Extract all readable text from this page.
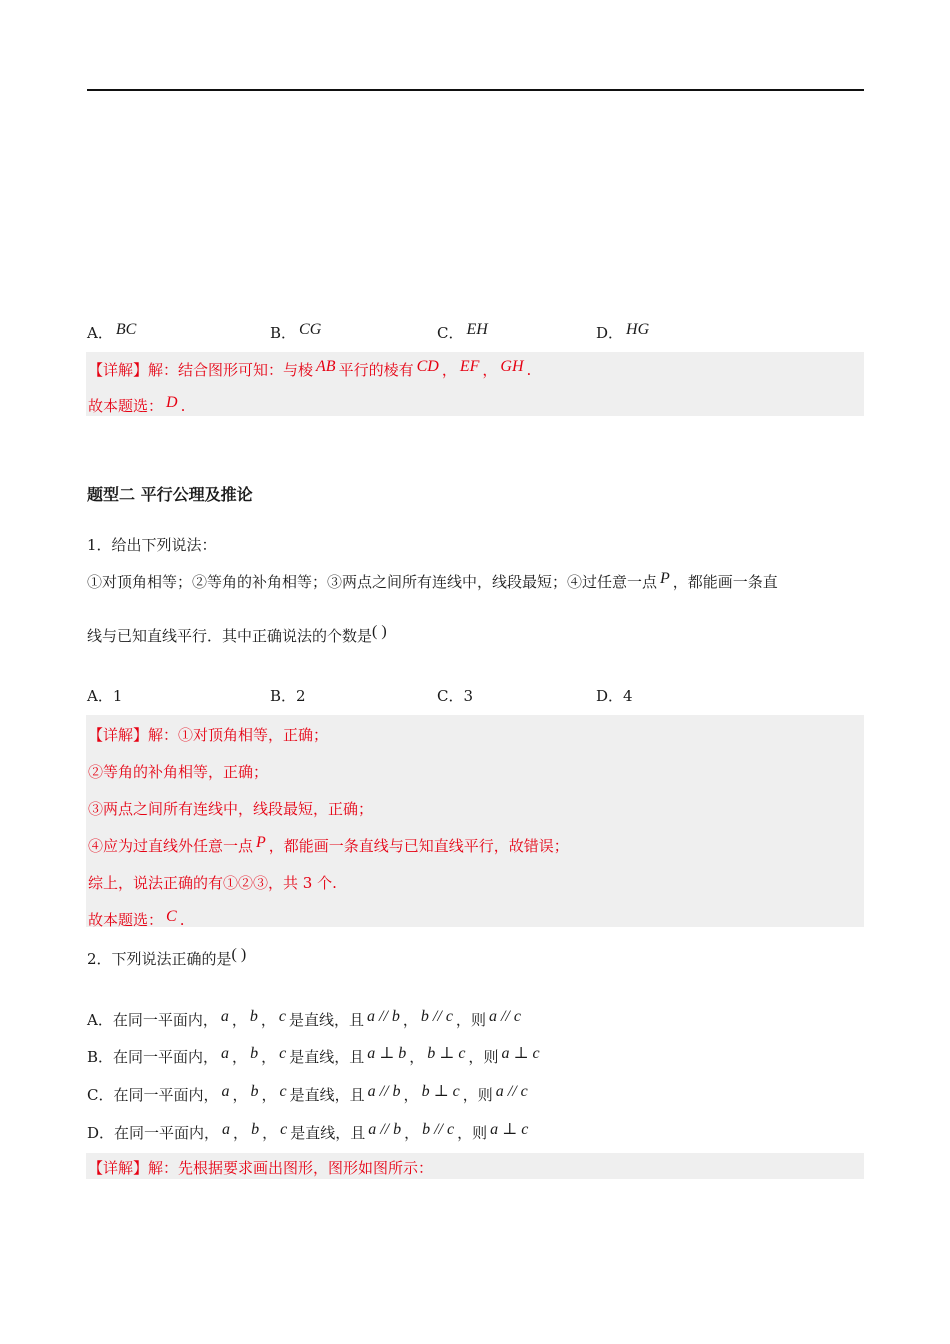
A． BC	B． CG	C． EH	D． HG
【详解】解：结合图形可知：与棱 AB 平行的棱有 CD ， EF ， GH .
故本题选： D .
题型二 平行公理及推论
1．给出下列说法：
①对顶角相等；②等角的补角相等；③两点之间所有连线中，线段最短；④过任意一点 P ，都能画一条直
线与已知直线平行．其中正确说法的个数是( )
A．1	B．2	C．3	D．4
【详解】解：①对顶角相等，正确；
②等角的补角相等，正确；
③两点之间所有连线中，线段最短，正确；
④应为过直线外任意一点 P ，都能画一条直线与已知直线平行，故错误；
综上，说法正确的有①②③，共 3 个.
故本题选： C .
2．下列说法正确的是( )
A．在同一平面内， a ， b ， c 是直线，且 a // b ， b // c ，则 a // c
B．在同一平面内， a ， b ， c 是直线，且 a ⊥ b ， b ⊥ c ，则 a ⊥ c
C．在同一平面内， a ， b ， c 是直线，且 a // b ， b ⊥ c ，则 a // c
D．在同一平面内， a ， b ， c 是直线，且 a // b ， b // c ，则 a ⊥ c
【详解】解：先根据要求画出图形，图形如图所示：
